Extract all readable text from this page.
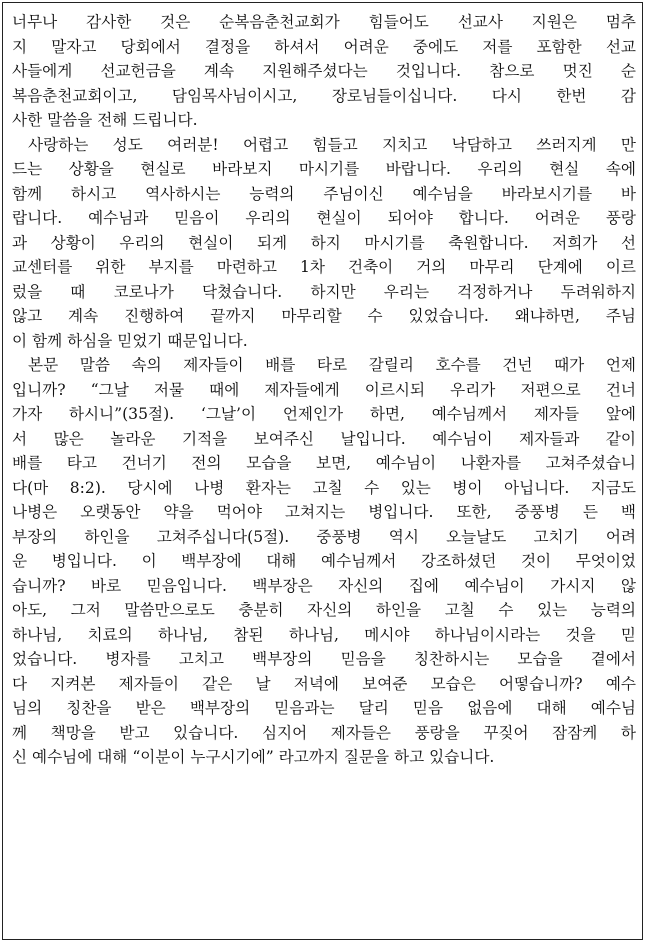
너무나 감사한 것은 순복음춘천교회가 힘들어도 선교사 지원은 멈추
지 말자고 당회에서 결정을 하셔서 어려운 중에도 저를 포함한 선교
사들에게 선교헌금을 계속 지원해주셨다는 것입니다. 참으로 멋진 순
복음춘천교회이고, 담임목사님이시고, 장로님들이십니다. 다시 한번 감
사한 말씀을 전해 드립니다.
사랑하는 성도 여러분! 어렵고 힘들고 지치고 낙담하고 쓰러지게 만
드는 상황을 현실로 바라보지 마시기를 바랍니다. 우리의 현실 속에
함께 하시고 역사하시는 능력의 주님이신 예수님을 바라보시기를 바
랍니다. 예수님과 믿음이 우리의 현실이 되어야 합니다. 어려운 풍랑
과 상황이 우리의 현실이 되게 하지 마시기를 축원합니다. 저희가 선
교센터를 위한 부지를 마련하고 1차 건축이 거의 마무리 단계에 이르
렀을 때 코로나가 닥쳤습니다. 하지만 우리는 걱정하거나 두려워하지
않고 계속 진행하여 끝까지 마무리할 수 있었습니다. 왜냐하면, 주님
이 함께 하심을 믿었기 때문입니다.
본문 말씀 속의 제자들이 배를 타로 갈릴리 호수를 건넌 때가 언제
입니까? “그날 저물 때에 제자들에게 이르시되 우리가 저편으로 건너
가자 하시니”(35절). ‘그날’이 언제인가 하면, 예수님께서 제자들 앞에
서 많은 놀라운 기적을 보여주신 날입니다. 예수님이 제자들과 같이
배를 타고 건너기 전의 모습을 보면, 예수님이 나환자를 고쳐주셨습니
다(마 8:2). 당시에 나병 환자는 고칠 수 있는 병이 아닙니다. 지금도
나병은 오랫동안 약을 먹어야 고쳐지는 병입니다. 또한, 중풍병 든 백
부장의 하인을 고쳐주십니다(5절). 중풍병 역시 오늘날도 고치기 어려
운 병입니다. 이 백부장에 대해 예수님께서 강조하셨던 것이 무엇이었
습니까? 바로 믿음입니다. 백부장은 자신의 집에 예수님이 가시지 않
아도, 그저 말씀만으로도 충분히 자신의 하인을 고칠 수 있는 능력의
하나님, 치료의 하나님, 참된 하나님, 메시야 하나님이시라는 것을 믿
었습니다. 병자를 고치고 백부장의 믿음을 칭찬하시는 모습을 곁에서
다 지켜본 제자들이 같은 날 저녁에 보여준 모습은 어떻습니까? 예수
님의 칭찬을 받은 백부장의 믿음과는 달리 믿음 없음에 대해 예수님
께 책망을 받고 있습니다. 심지어 제자들은 풍랑을 꾸짖어 잠잠케 하
신 예수님에 대해 “이분이 누구시기에” 라고까지 질문을 하고 있습니다.
